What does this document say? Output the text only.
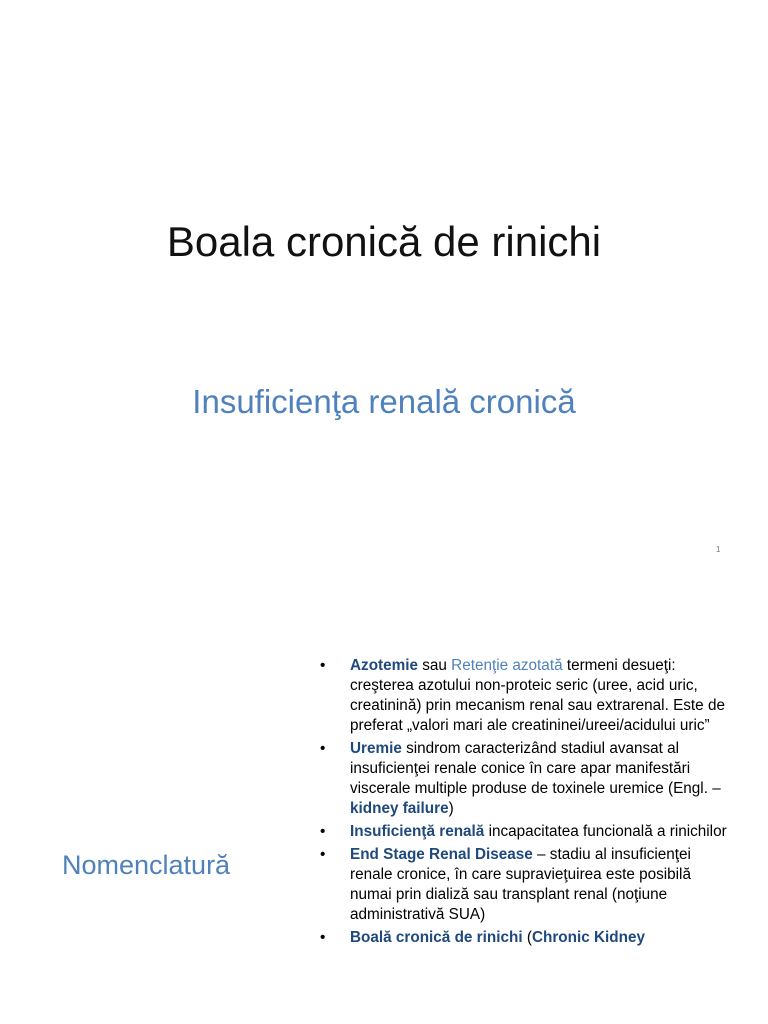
Boala cronică de rinichi
Insuficienţa renală cronică
1
Nomenclatură
•	Azotemie sau Retenţie azotată termeni desueţi: creşterea azotului non-proteic seric (uree, acid uric, creatinină) prin mecanism renal sau extrarenal. Este de preferat „valori mari ale creatininei/ureei/acidului uric”
•	Uremie sindrom caracterizând stadiul avansat al insuficienţei renale conice în care apar manifestări viscerale multiple produse de toxinele uremice (Engl. – kidney failure)
•	Insuficienţă renală incapacitatea funcională a rinichilor
•	End Stage Renal Disease – stadiu al insuficienţei renale cronice, în care supravieţuirea este posibilă numai prin dializă sau transplant renal (noţiune administrativă SUA)
•	Boală cronică de rinichi (Chronic Kidney
